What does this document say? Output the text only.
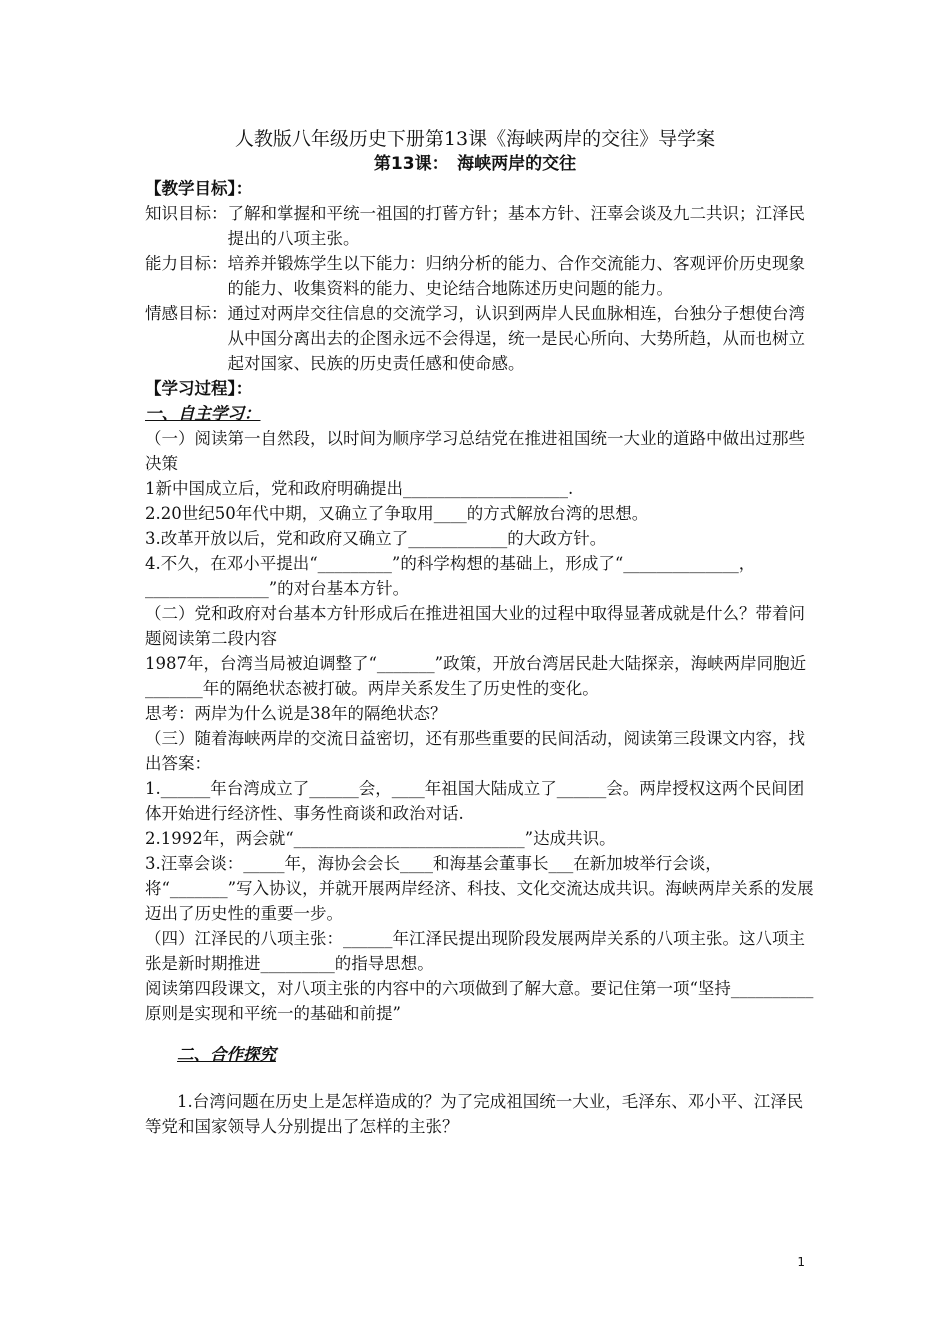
人教版八年级历史下册第13课《海峡两岸的交往》导学案
第13课：　海峡两岸的交往

【教学目标】：

知识目标： 了解和掌握和平统一祖国的打蒈方针；基本方针、汪辜会谈及九二共识；江泽民提出的八项主张。
能力目标： 培养并锻炼学生以下能力：归纳分析的能力、合作交流能力、客观评价历史现象的能力、收集资料的能力、史论结合地陈述历史问题的能力。
情感目标： 通过对两岸交往信息的交流学习，认识到两岸人民血脉相连，台独分子想使台湾从中国分离出去的企图永远不会得逞，统一是民心所向、大势所趋，从而也树立起对国家、民族的历史责任感和使命感。

【学习过程】：

一、自主学习：

（一）阅读第一自然段，以时间为顺序学习总结党在推进祖国统一大业的道路中做出过那些决策

1新中国成立后，党和政府明确提出____________________.

2.20世纪50年代中期，又确立了争取用____的方式解放台湾的思想。

3.改革开放以后，党和政府又确立了____________的大政方针。

4.不久，在邓小平提出“_________”的科学构想的基础上，形成了“______________，_______________”的对台基本方针。

（二）党和政府对台基本方针形成后在推进祖国大业的过程中取得显著成就是什么？带着问题阅读第二段内容

1987年，台湾当局被迫调整了“_______”政策，开放台湾居民赴大陆探亲，海峡两岸同胞近_______年的隔绝状态被打破。两岸关系发生了历史性的变化。

思考：两岸为什么说是38年的隔绝状态？

（三）随着海峡两岸的交流日益密切，还有那些重要的民间活动，阅读第三段课文内容，找出答案：

1.______年台湾成立了______会，____年祖国大陆成立了______会。两岸授权这两个民间团体开始进行经济性、事务性商谈和政治对话.

2.1992年，两会就“____________________________”达成共识。

3.汪辜会谈：_____年，海协会会长____和海基会董事长___在新加坡举行会谈，将“_______”写入协议，并就开展两岸经济、科技、文化交流达成共识。海峡两岸关系的发展迈出了历史性的重要一步。

（四）江泽民的八项主张：______年江泽民提出现阶段发展两岸关系的八项主张。这八项主张是新时期推进_________的指导思想。

阅读第四段课文，对八项主张的内容中的六项做到了解大意。要记住第一项“坚持__________原则是实现和平统一的基础和前提”

二、合作探究

1.台湾问题在历史上是怎样造成的？为了完成祖国统一大业，毛泽东、邓小平、江泽民等党和国家领导人分别提出了怎样的主张？

1
